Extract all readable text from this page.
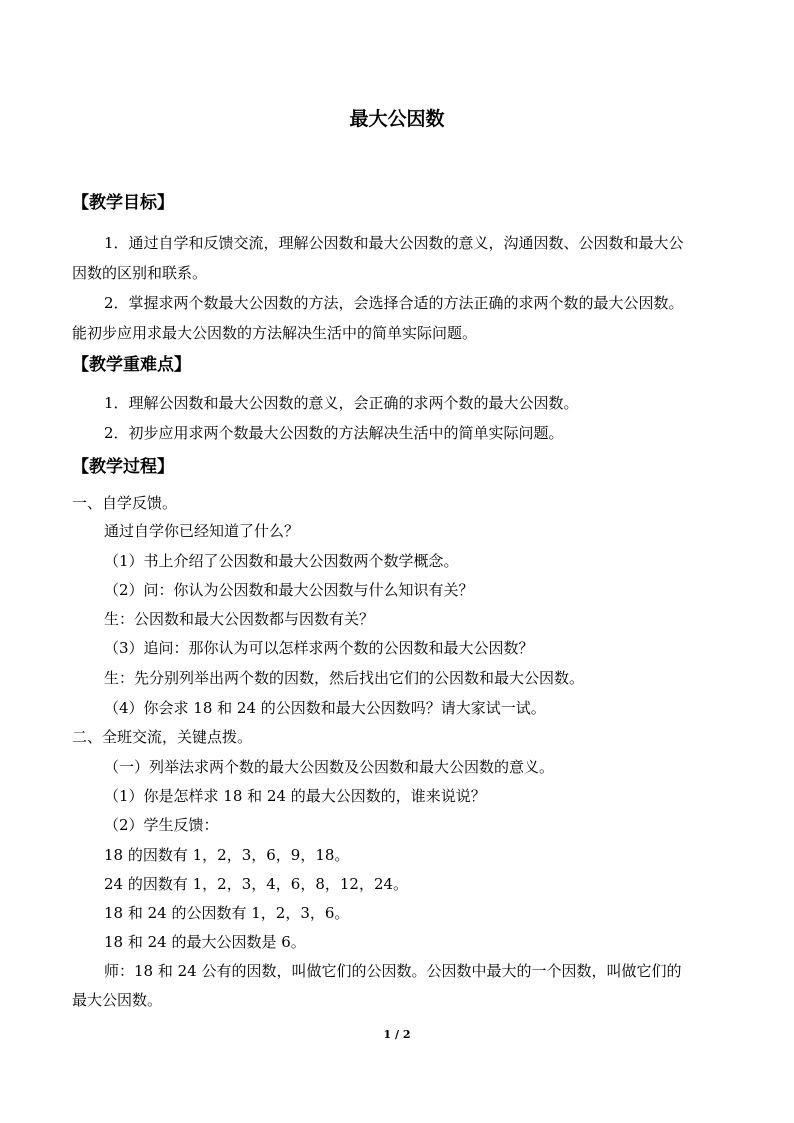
最大公因数
【教学目标】
1．通过自学和反馈交流，理解公因数和最大公因数的意义，沟通因数、公因数和最大公
因数的区别和联系。
2．掌握求两个数最大公因数的方法，会选择合适的方法正确的求两个数的最大公因数。
能初步应用求最大公因数的方法解决生活中的简单实际问题。
【教学重难点】
1．理解公因数和最大公因数的意义，会正确的求两个数的最大公因数。
2．初步应用求两个数最大公因数的方法解决生活中的简单实际问题。
【教学过程】
一、自学反馈。
通过自学你已经知道了什么？
（1）书上介绍了公因数和最大公因数两个数学概念。
（2）问：你认为公因数和最大公因数与什么知识有关？
生：公因数和最大公因数都与因数有关？
（3）追问：那你认为可以怎样求两个数的公因数和最大公因数？
生：先分别列举出两个数的因数，然后找出它们的公因数和最大公因数。
（4）你会求 18 和 24 的公因数和最大公因数吗？请大家试一试。
二、全班交流，关键点拨。
（一）列举法求两个数的最大公因数及公因数和最大公因数的意义。
（1）你是怎样求 18 和 24 的最大公因数的，谁来说说？
（2）学生反馈：
18 的因数有 1，2，3，6，9，18。
24 的因数有 1，2，3，4，6，8，12，24。
18 和 24 的公因数有 1，2，3，6。
18 和 24 的最大公因数是 6。
师：18 和 24 公有的因数，叫做它们的公因数。公因数中最大的一个因数，叫做它们的
最大公因数。
1 / 2
